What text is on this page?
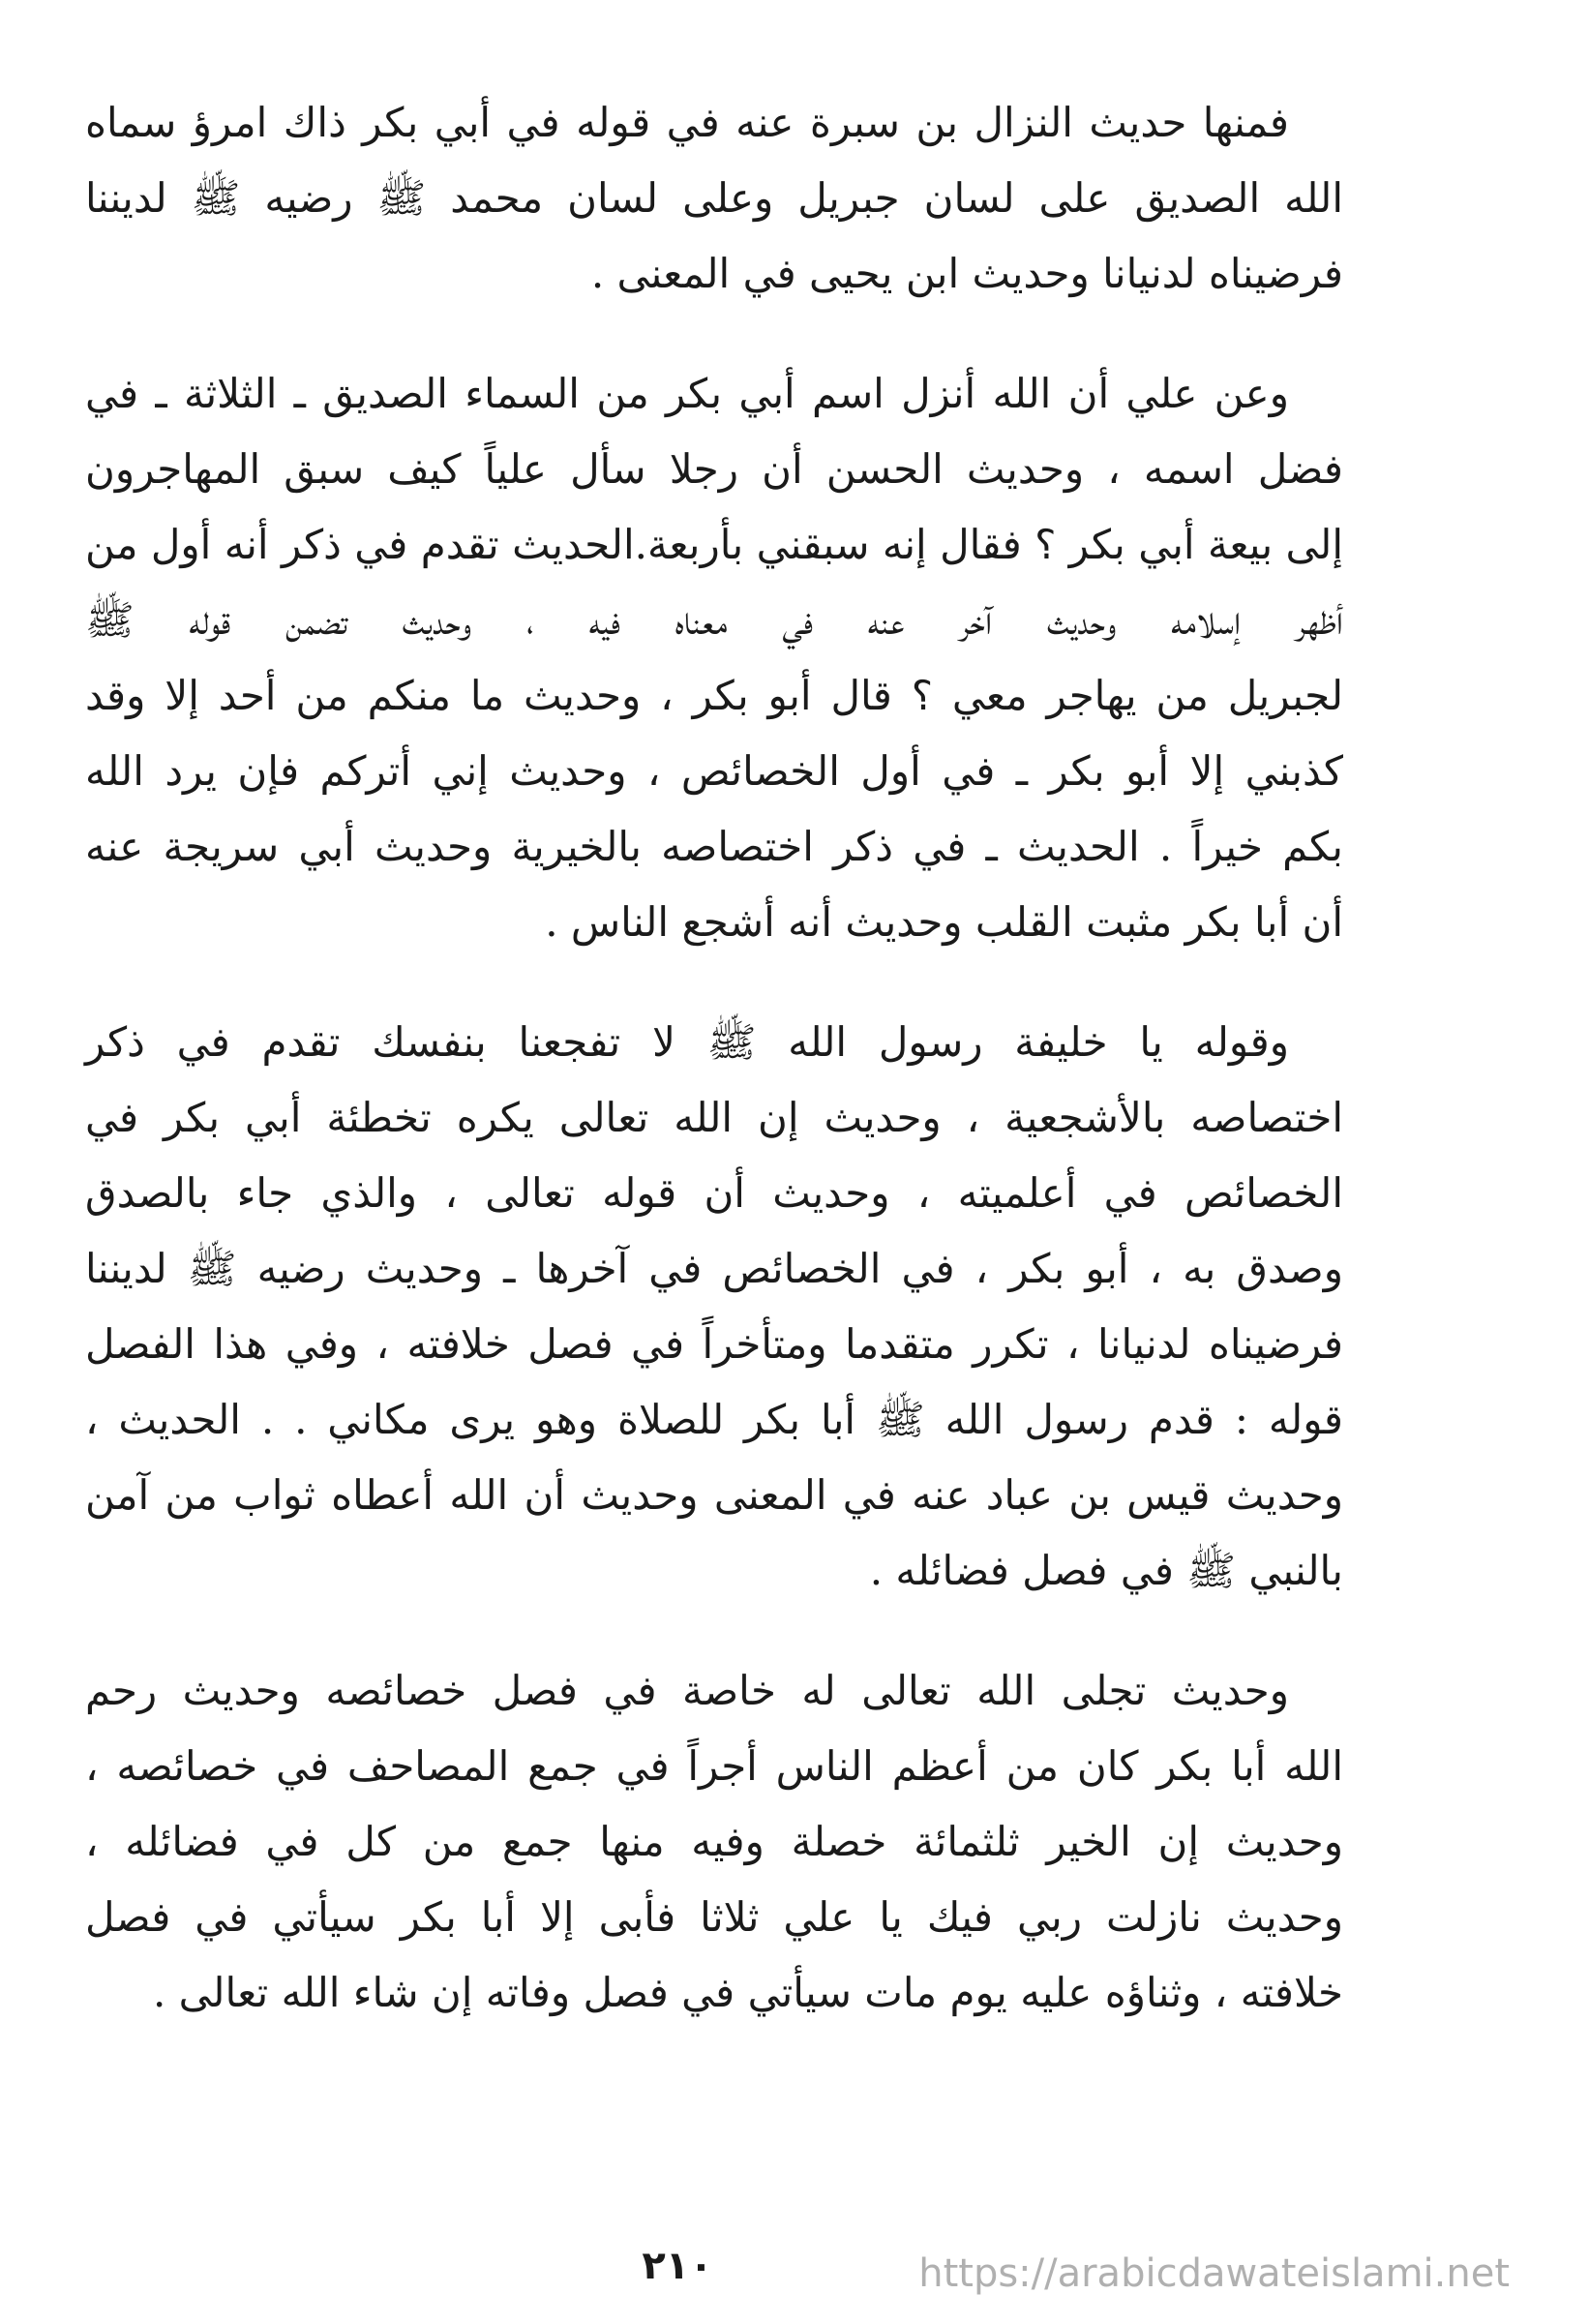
فمنها حديث النزال بن سبرة عنه في قوله في أبي بكر ذاك امرؤ سماه
الله الصديق على لسان جبريل وعلى لسان محمد ﷺ رضيه ﷺ لديننا
فرضيناه لدنيانا وحديث ابن يحيى في المعنى .

وعن علي أن الله أنزل اسم أبي بكر من السماء الصديق ـ الثلاثة ـ في
فضل اسمه ، وحديث الحسن أن رجلا سأل علياً كيف سبق المهاجرون
إلى بيعة أبي بكر ؟ فقال إنه سبقني بأربعة.الحديث تقدم في ذكر أنه أول من
أظهر إسلامه وحديث آخر عنه في معناه فيه ، وحديث تضمن قوله ﷺ
لجبريل من يهاجر معي ؟ قال أبو بكر ، وحديث ما منكم من أحد إلا وقد
كذبني إلا أبو بكر ـ في أول الخصائص ، وحديث إني أتركم فإن يرد الله
بكم خيراً . الحديث ـ في ذكر اختصاصه بالخيرية وحديث أبي سريجة عنه
أن أبا بكر مثبت القلب وحديث أنه أشجع الناس .

وقوله يا خليفة رسول الله ﷺ لا تفجعنا بنفسك تقدم في ذكر
اختصاصه بالأشجعية ، وحديث إن الله تعالى يكره تخطئة أبي بكر في
الخصائص في أعلميته ، وحديث أن قوله تعالى ، والذي جاء بالصدق
وصدق به ، أبو بكر ، في الخصائص في آخرها ـ وحديث رضيه ﷺ لديننا
فرضيناه لدنيانا ، تكرر متقدما ومتأخراً في فصل خلافته ، وفي هذا الفصل
قوله : قدم رسول الله ﷺ أبا بكر للصلاة وهو يرى مكاني . . الحديث ،
وحديث قيس بن عباد عنه في المعنى وحديث أن الله أعطاه ثواب من آمن
بالنبي ﷺ في فصل فضائله .

وحديث تجلى الله تعالى له خاصة في فصل خصائصه وحديث رحم
الله أبا بكر كان من أعظم الناس أجراً في جمع المصاحف في خصائصه ،
وحديث إن الخير ثلثمائة خصلة وفيه منها جمع من كل في فضائله ،
وحديث نازلت ربي فيك يا علي ثلاثا فأبى إلا أبا بكر سيأتي في فصل
خلافته ، وثناؤه عليه يوم مات سيأتي في فصل وفاته إن شاء الله تعالى .

٢١٠	https://arabicdawateislami.net
